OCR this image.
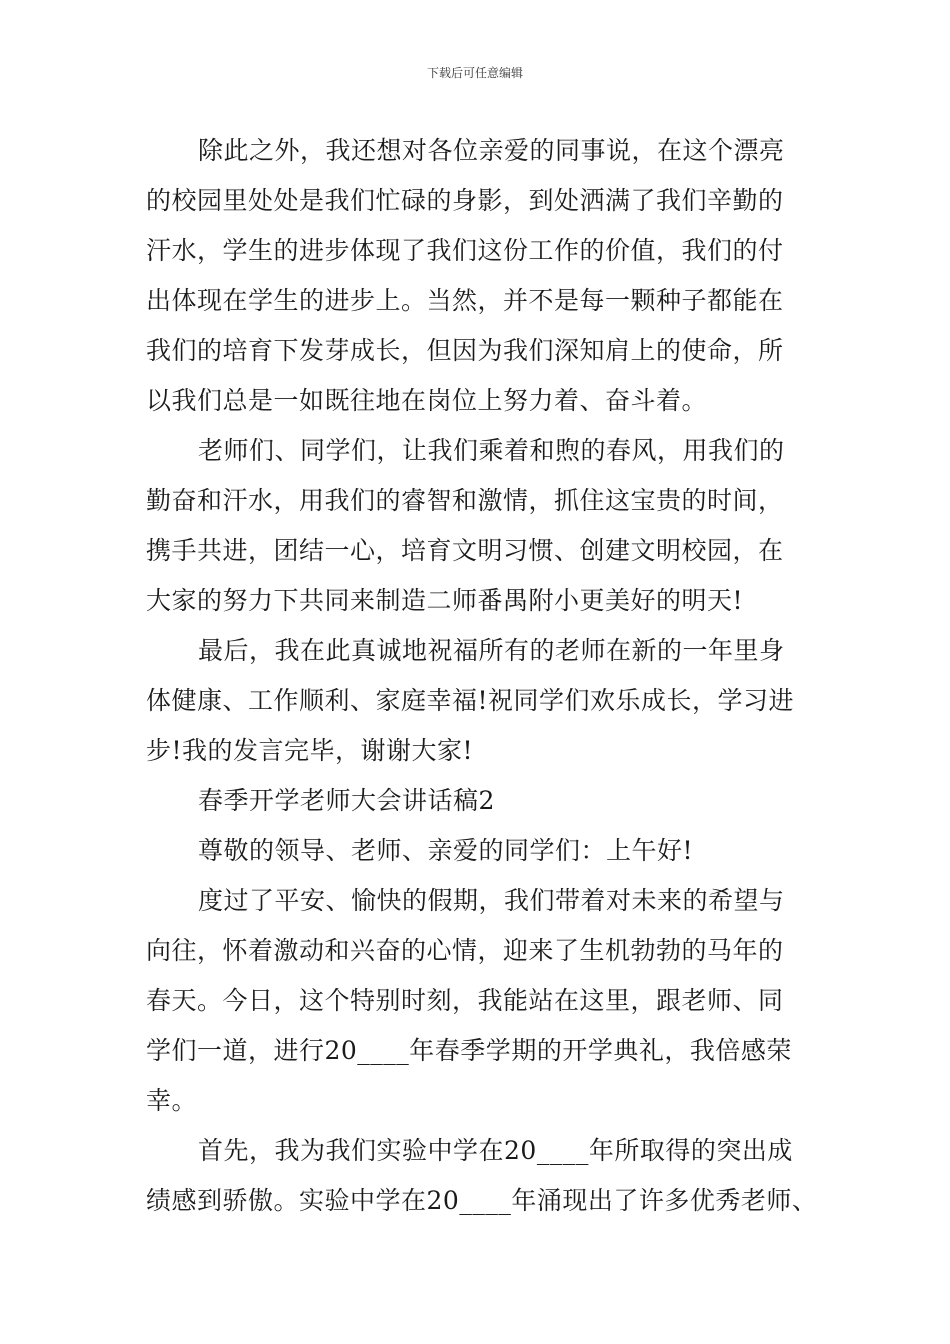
下载后可任意编辑
除此之外，我还想对各位亲爱的同事说，在这个漂亮
的校园里处处是我们忙碌的身影，到处洒满了我们辛勤的
汗水，学生的进步体现了我们这份工作的价值，我们的付
出体现在学生的进步上。当然，并不是每一颗种子都能在
我们的培育下发芽成长，但因为我们深知肩上的使命，所
以我们总是一如既往地在岗位上努力着、奋斗着。
老师们、同学们，让我们乘着和煦的春风，用我们的
勤奋和汗水，用我们的睿智和激情，抓住这宝贵的时间，
携手共进，团结一心，培育文明习惯、创建文明校园，在
大家的努力下共同来制造二师番禺附小更美好的明天!
最后，我在此真诚地祝福所有的老师在新的一年里身
体健康、工作顺利、家庭幸福!祝同学们欢乐成长，学习进
步!我的发言完毕，谢谢大家!
春季开学老师大会讲话稿2
尊敬的领导、老师、亲爱的同学们：上午好!
度过了平安、愉快的假期，我们带着对未来的希望与
向往，怀着激动和兴奋的心情，迎来了生机勃勃的马年的
春天。今日，这个特别时刻，我能站在这里，跟老师、同
学们一道，进行20____年春季学期的开学典礼，我倍感荣
幸。
首先，我为我们实验中学在20____年所取得的突出成
绩感到骄傲。实验中学在20____年涌现出了许多优秀老师、
